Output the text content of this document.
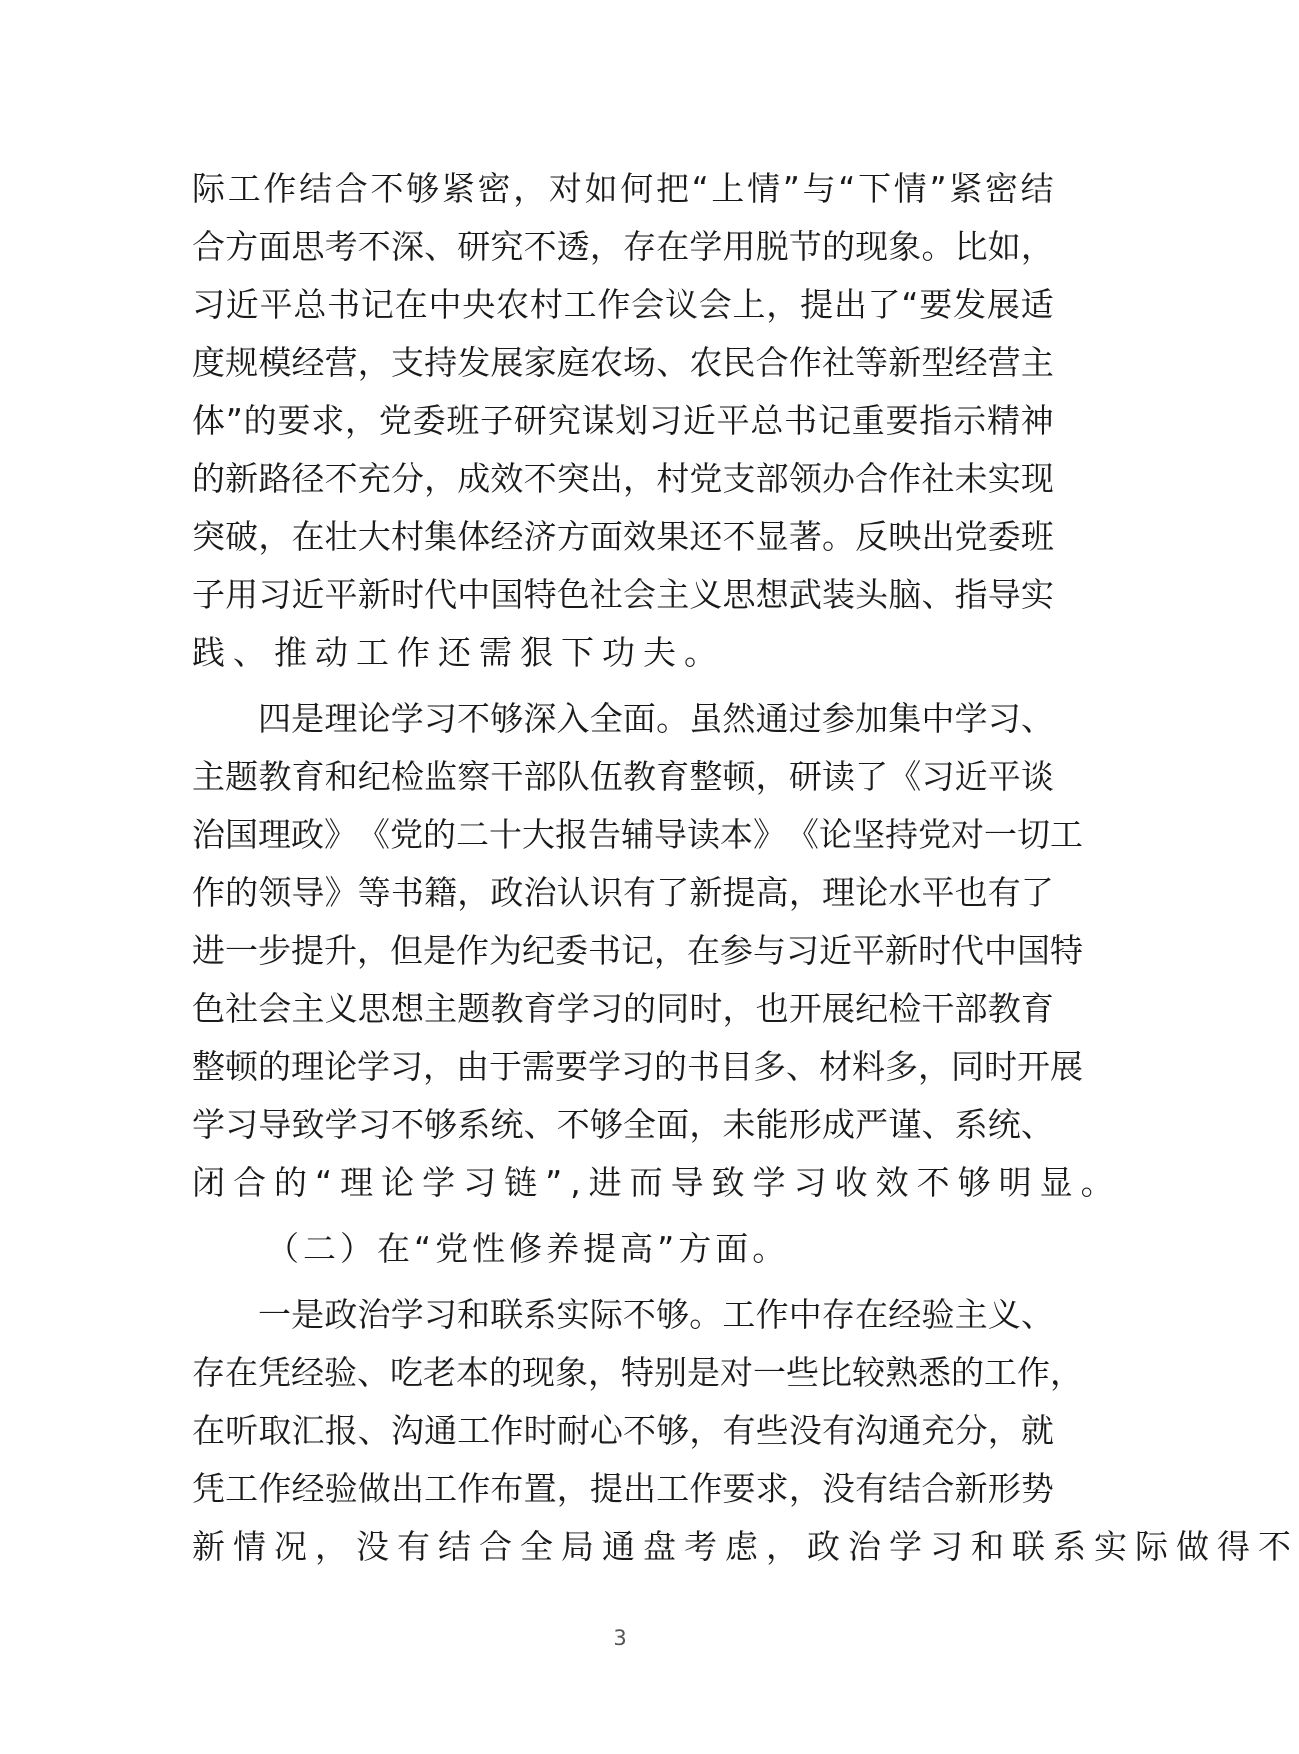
际 工 作 结 合 不 够 紧 密 ， 对 如 何 把 “ 上 情 ” 与 “ 下 情 ” 紧 密 结
合 方 面 思 考 不 深 、 研 究 不 透 ， 存 在 学 用 脱 节 的 现 象 。 比 如 ，
习 近 平 总 书 记 在 中 央 农 村 工 作 会 议 会 上 ， 提 出 了 “ 要 发 展 适
度 规 模 经 营 ， 支 持 发 展 家 庭 农 场 、 农 民 合 作 社 等 新 型 经 营 主
体 ” 的 要 求 ， 党 委 班 子 研 究 谋 划 习 近 平 总 书 记 重 要 指 示 精 神
的 新 路 径 不 充 分 ， 成 效 不 突 出 ， 村 党 支 部 领 办 合 作 社 未 实 现
突 破 ， 在 壮 大 村 集 体 经 济 方 面 效 果 还 不 显 著 。 反 映 出 党 委 班
子 用 习 近 平 新 时 代 中 国 特 色 社 会 主 义 思 想 武 装 头 脑 、 指 导 实
践、推动工作还需狠下功夫。
四 是 理 论 学 习 不 够 深 入 全 面 。 虽 然 通 过 参 加 集 中 学 习 、
主 题 教 育 和 纪 检 监 察 干 部 队 伍 教 育 整 顿 ， 研 读 了 《 习 近 平 谈
治 国 理 政 》 《 党 的 二 十 大 报 告 辅 导 读 本 》 《 论 坚 持 党 对 一 切 工
作 的 领 导 》 等 书 籍 ， 政 治 认 识 有 了 新 提 高 ， 理 论 水 平 也 有 了
进 一 步 提 升 ， 但 是 作 为 纪 委 书 记 ， 在 参 与 习 近 平 新 时 代 中 国 特
色 社 会 主 义 思 想 主 题 教 育 学 习 的 同 时 ， 也 开 展 纪 检 干 部 教 育
整 顿 的 理 论 学 习 ， 由 于 需 要 学 习 的 书 目 多 、 材 料 多 ， 同 时 开 展
学 习 导 致 学 习 不 够 系 统 、 不 够 全 面 ， 未 能 形 成 严 谨 、 系 统 、
闭合的“理论学习链”,进而导致学习收效不够明显。
（二）在“党性修养提高”方面。
一 是 政 治 学 习 和 联 系 实 际 不 够 。 工 作 中 存 在 经 验 主 义 、
存 在 凭 经 验 、 吃 老 本 的 现 象 ， 特 别 是 对 一 些 比 较 熟 悉 的 工 作 ，
在 听 取 汇 报 、 沟 通 工 作 时 耐 心 不 够 ， 有 些 没 有 沟 通 充 分 ， 就
凭 工 作 经 验 做 出 工 作 布 置 ， 提 出 工 作 要 求 ， 没 有 结 合 新 形 势
新情况，没有结合全局通盘考虑，政治学习和联系实际做得不
3
